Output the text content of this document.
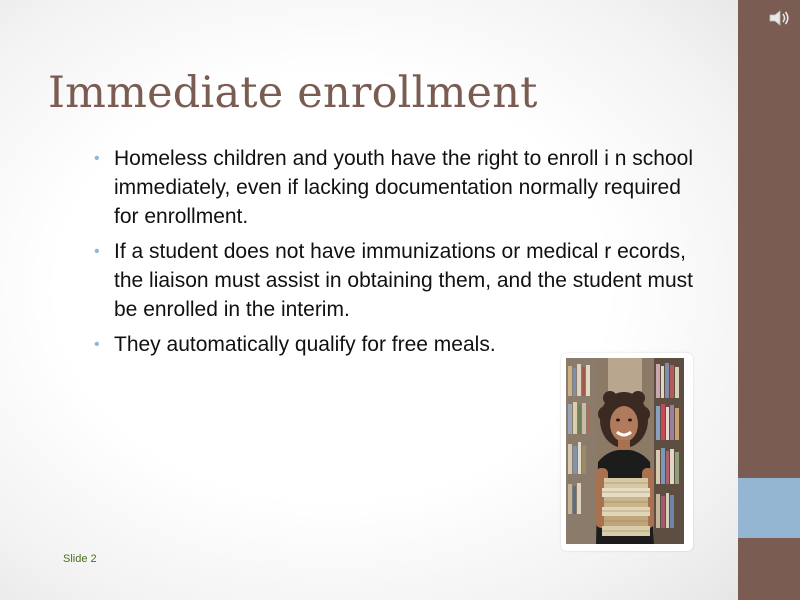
Immediate enrollment
• Homeless children and youth have the right to enroll i n school immediately, even if lacking documentation normally required for enrollment.
• If a student does not have immunizations or medical r ecords, the liaison must assist in obtaining them, and the student must be enrolled in the interim.
• They automatically qualify for free meals.
Slide 2
